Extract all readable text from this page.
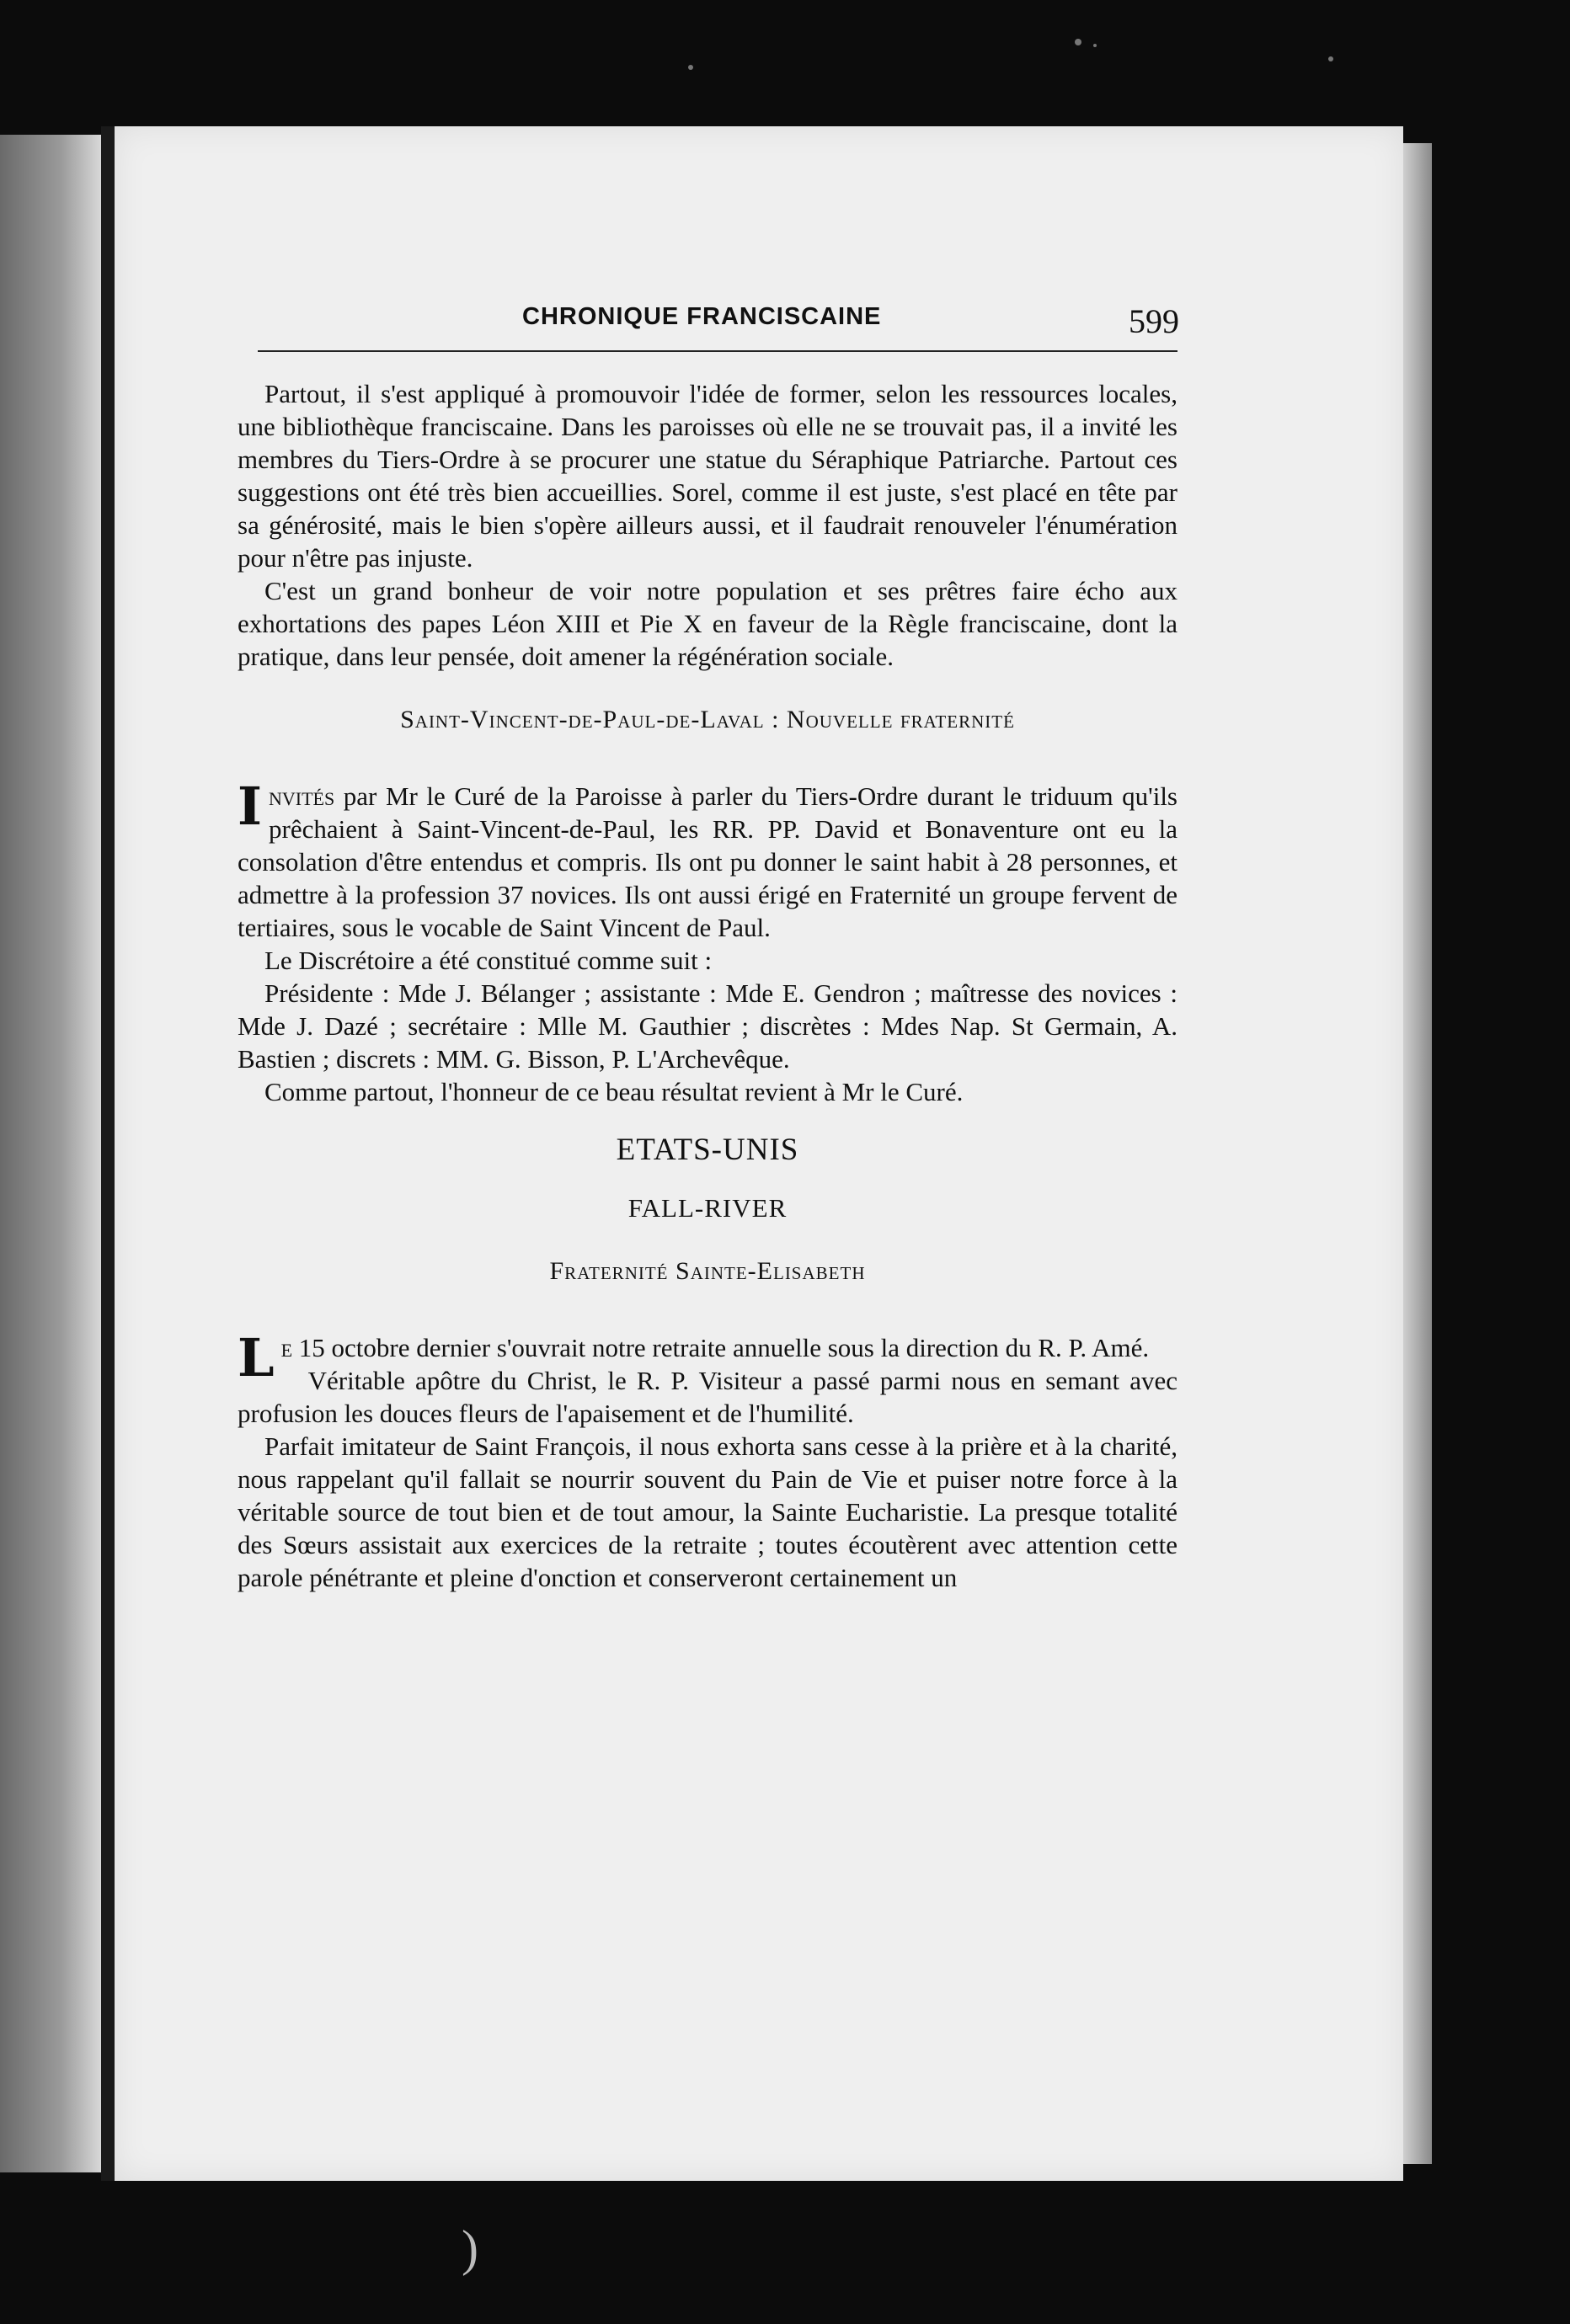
CHRONIQUE FRANCISCAINE	599

Partout, il s'est appliqué à promouvoir l'idée de former, selon les ressources locales, une bibliothèque franciscaine. Dans les paroisses où elle ne se trouvait pas, il a invité les membres du Tiers-Ordre à se procurer une statue du Séraphique Patriarche. Partout ces suggestions ont été très bien accueillies. Sorel, comme il est juste, s'est placé en tête par sa générosité, mais le bien s'opère ailleurs aussi, et il faudrait renouveler l'énumération pour n'être pas injuste.

C'est un grand bonheur de voir notre population et ses prêtres faire écho aux exhortations des papes Léon XIII et Pie X en faveur de la Règle franciscaine, dont la pratique, dans leur pensée, doit amener la régénération sociale.

Saint-Vincent-de-Paul-de-Laval : Nouvelle fraternité

Invités par Mr le Curé de la Paroisse à parler du Tiers-Ordre durant le triduum qu'ils prêchaient à Saint-Vincent-de-Paul, les RR. PP. David et Bonaventure ont eu la consolation d'être entendus et compris. Ils ont pu donner le saint habit à 28 personnes, et admettre à la profession 37 novices. Ils ont aussi érigé en Fraternité un groupe fervent de tertiaires, sous le vocable de Saint Vincent de Paul.

Le Discrétoire a été constitué comme suit :

Présidente : Mde J. Bélanger ; assistante : Mde E. Gendron ; maîtresse des novices : Mde J. Dazé ; secrétaire : Mlle M. Gauthier ; discrètes : Mdes Nap. St Germain, A. Bastien ; discrets : MM. G. Bisson, P. L'Archevêque.

Comme partout, l'honneur de ce beau résultat revient à Mr le Curé.

ETATS-UNIS
FALL-RIVER
Fraternité Sainte-Elisabeth

Le 15 octobre dernier s'ouvrait notre retraite annuelle sous la direction du R. P. Amé.

Véritable apôtre du Christ, le R. P. Visiteur a passé parmi nous en semant avec profusion les douces fleurs de l'apaisement et de l'humilité.

Parfait imitateur de Saint François, il nous exhorta sans cesse à la prière et à la charité, nous rappelant qu'il fallait se nourrir souvent du Pain de Vie et puiser notre force à la véritable source de tout bien et de tout amour, la Sainte Eucharistie. La presque totalité des Sœurs assistait aux exercices de la retraite ; toutes écoutèrent avec attention cette parole pénétrante et pleine d'onction et conserveront certainement un

)
